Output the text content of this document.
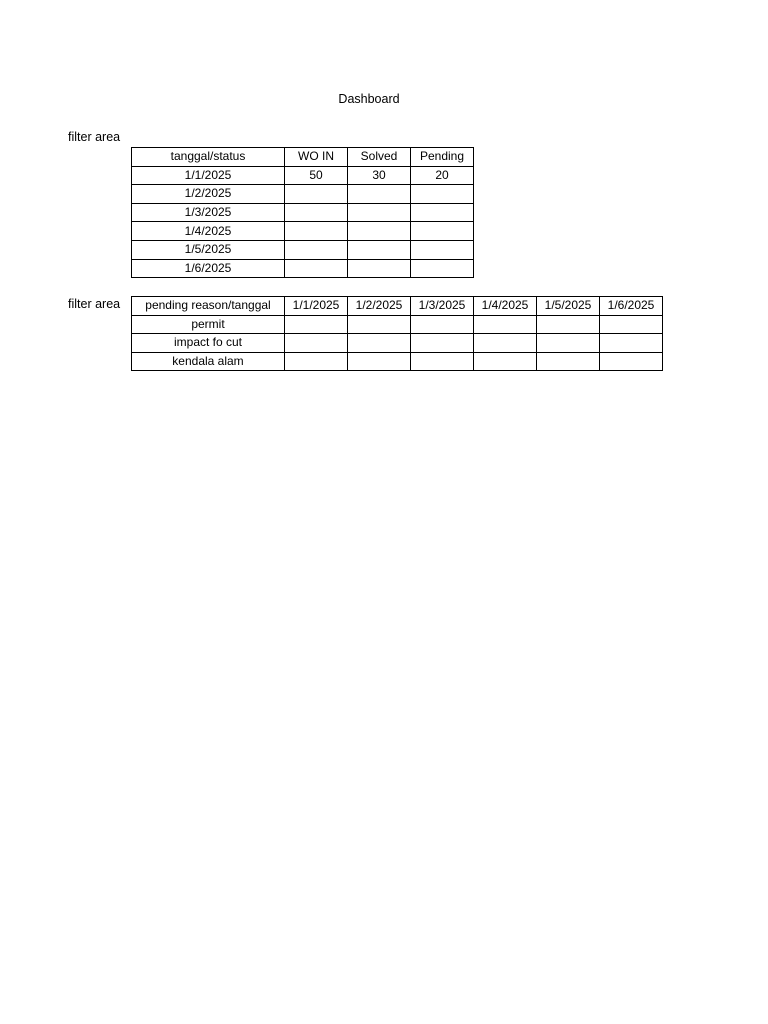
Dashboard
filter area
tanggal/status	WO IN	Solved	Pending
1/1/2025	50	30	20
1/2/2025			
1/3/2025			
1/4/2025			
1/5/2025			
1/6/2025			
filter area pending reason/tanggal	1/1/2025	1/2/2025	1/3/2025	1/4/2025	1/5/2025	1/6/2025
permit						
impact fo cut						
kendala alam						
